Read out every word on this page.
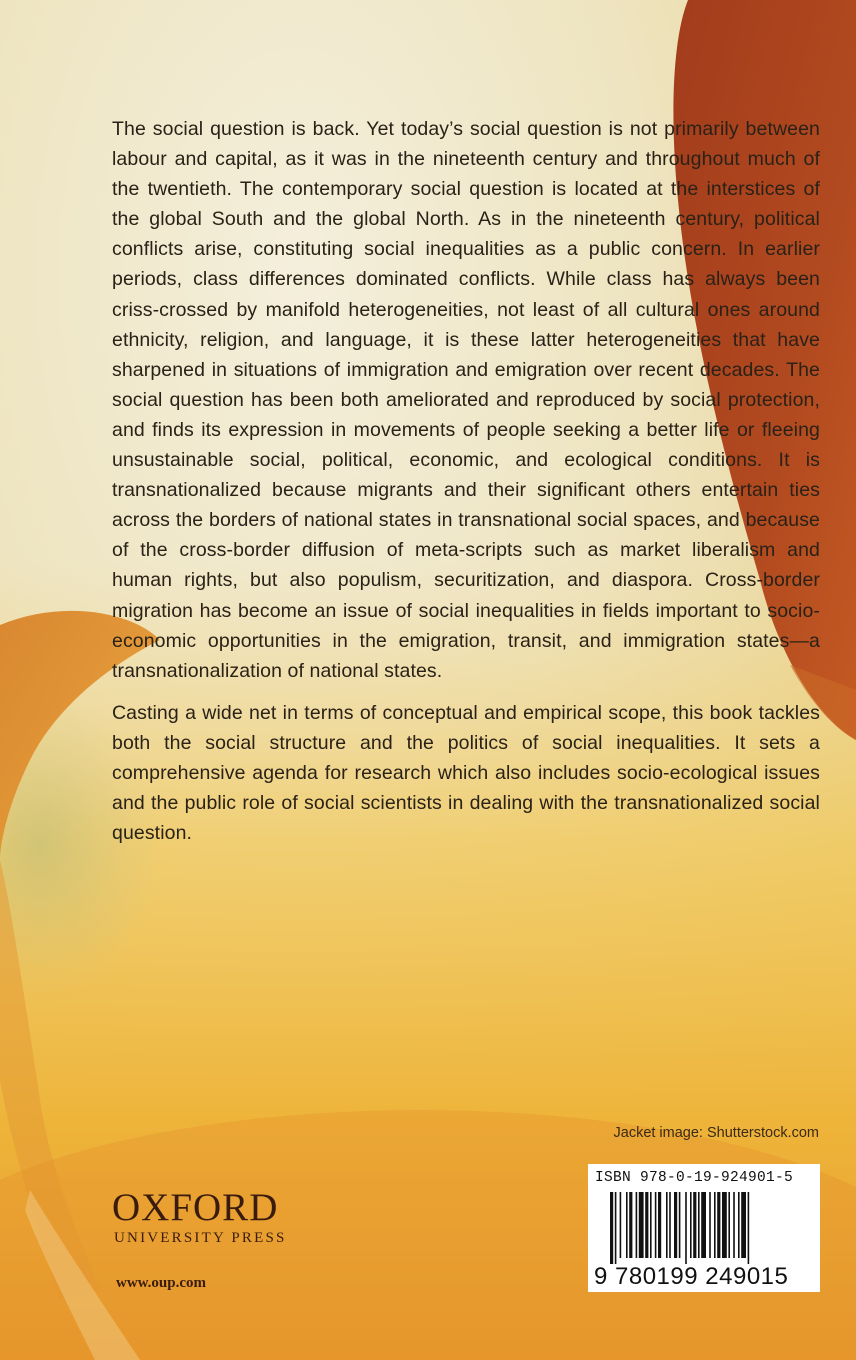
The social question is back. Yet today’s social question is not primarily between labour and capital, as it was in the nineteenth century and throughout much of the twentieth. The contemporary social question is located at the interstices of the global South and the global North. As in the nineteenth century, political conflicts arise, constituting social inequalities as a public concern. In earlier periods, class differences dominated conflicts. While class has always been criss-crossed by manifold heterogeneities, not least of all cultural ones around ethnicity, religion, and language, it is these latter heterogeneities that have sharpened in situations of immigration and emigration over recent decades. The social question has been both ameliorated and reproduced by social protection, and finds its expression in movements of people seeking a better life or fleeing unsustainable social, political, economic, and ecological conditions. It is transnationalized because migrants and their significant others entertain ties across the borders of national states in transnational social spaces, and because of the cross-border diffusion of meta-scripts such as market liberalism and human rights, but also populism, securitization, and diaspora. Cross-border migration has become an issue of social inequalities in fields important to socio-economic opportunities in the emigration, transit, and immigration states—a transnationalization of national states.

Casting a wide net in terms of conceptual and empirical scope, this book tackles both the social structure and the politics of social inequalities. It sets a comprehensive agenda for research which also includes socio-ecological issues and the public role of social scientists in dealing with the transnationalized social question.

Jacket image: Shutterstock.com
OXFORD
UNIVERSITY PRESS
www.oup.com
ISBN 978-0-19-924901-5
9 780199 249015
